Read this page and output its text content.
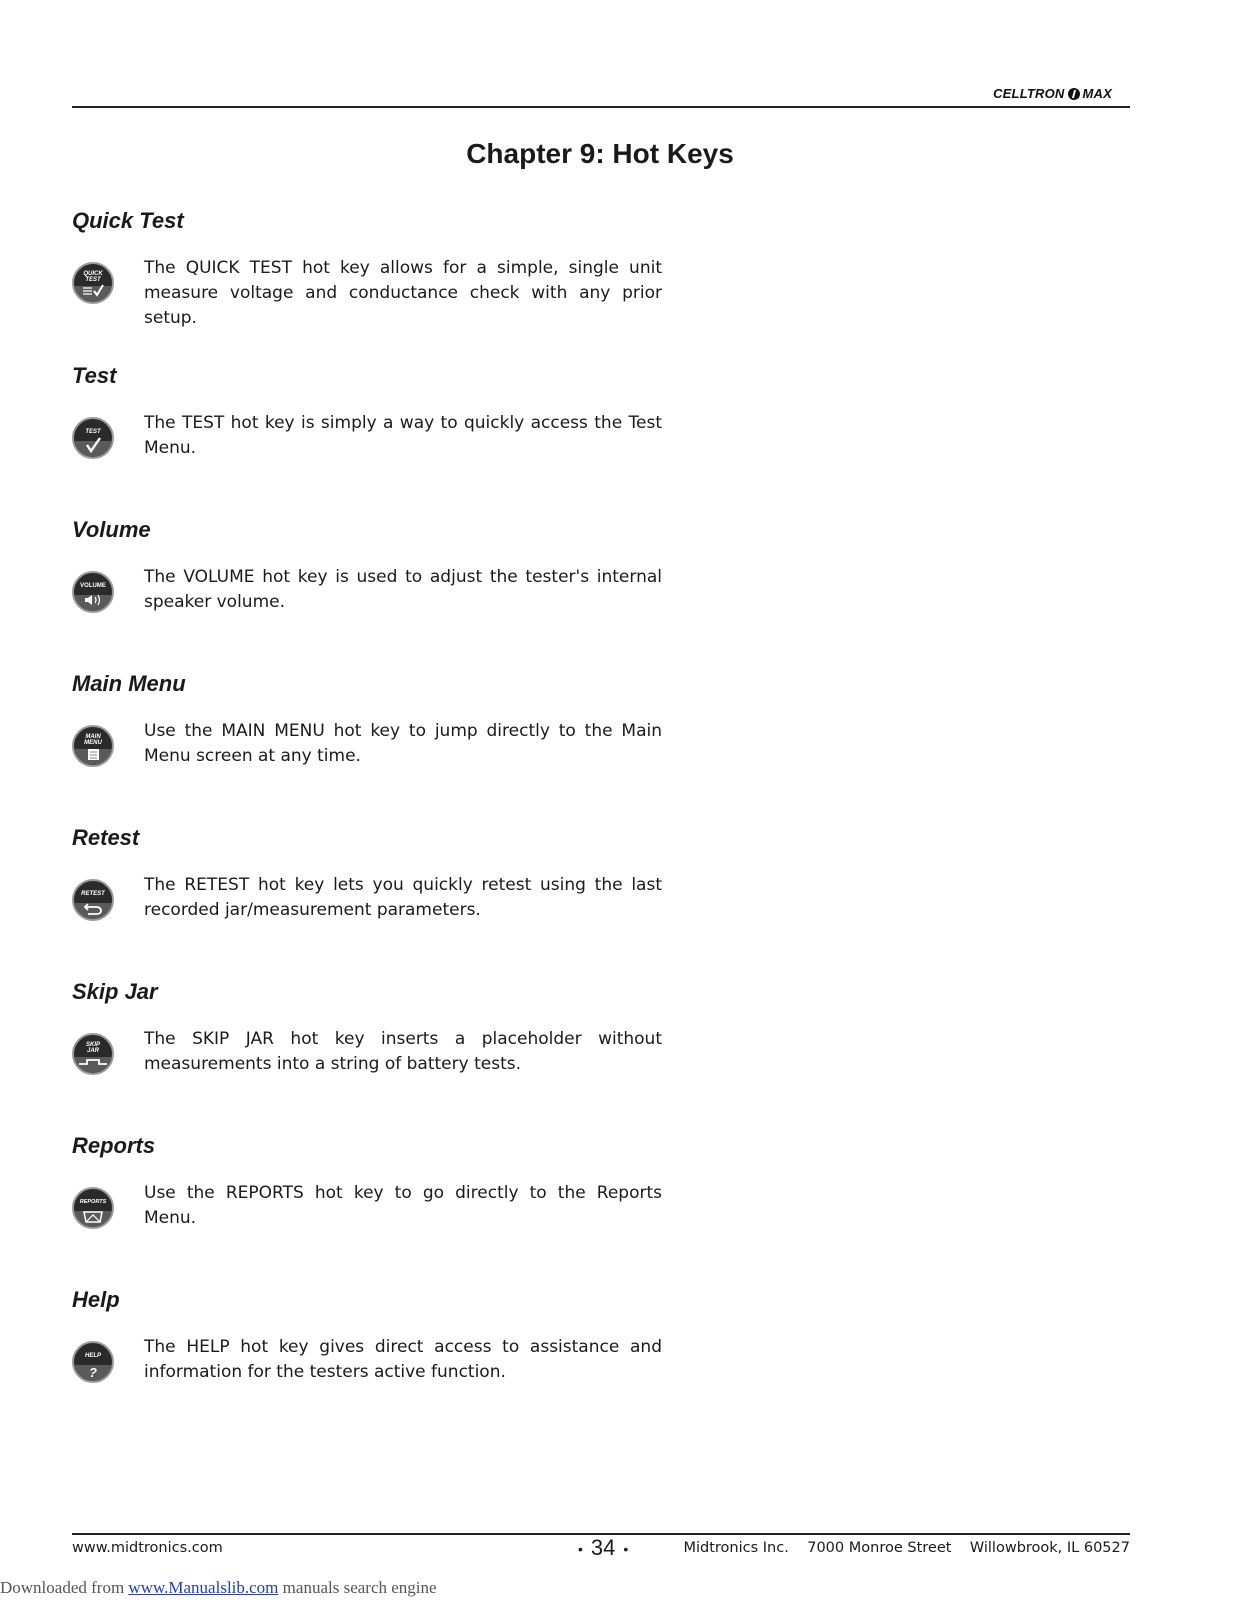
CELLTRON MAX
Chapter 9: Hot Keys
Quick Test
QUICK
TEST

The QUICK TEST hot key allows for a simple, single unit measure voltage and conductance check with any prior setup.

Test
TEST	The TEST hot key is simply a way to quickly access the Test Menu.

Volume
VOLUME The VOLUME hot key is used to adjust the tester's internal speaker volume.

Main Menu
MAIN
MENU

Use the MAIN MENU hot key to jump directly to the Main Menu screen at any time.

Retest
RETEST The RETEST hot key lets you quickly retest using the last recorded jar/measurement parameters.

Skip Jar
SKIP
JAR

The SKIP JAR hot key inserts a placeholder without measurements into a string of battery tests.

Reports
REPORTS Use the REPORTS hot key to go directly to the Reports Menu.

Help
HELP
?

The HELP hot key gives direct access to assistance and information for the testers active function.

www.midtronics.com	• 34 •	Midtronics Inc.    7000 Monroe Street    Willowbrook, IL 60527
Downloaded from www.Manualslib.com manuals search engine
